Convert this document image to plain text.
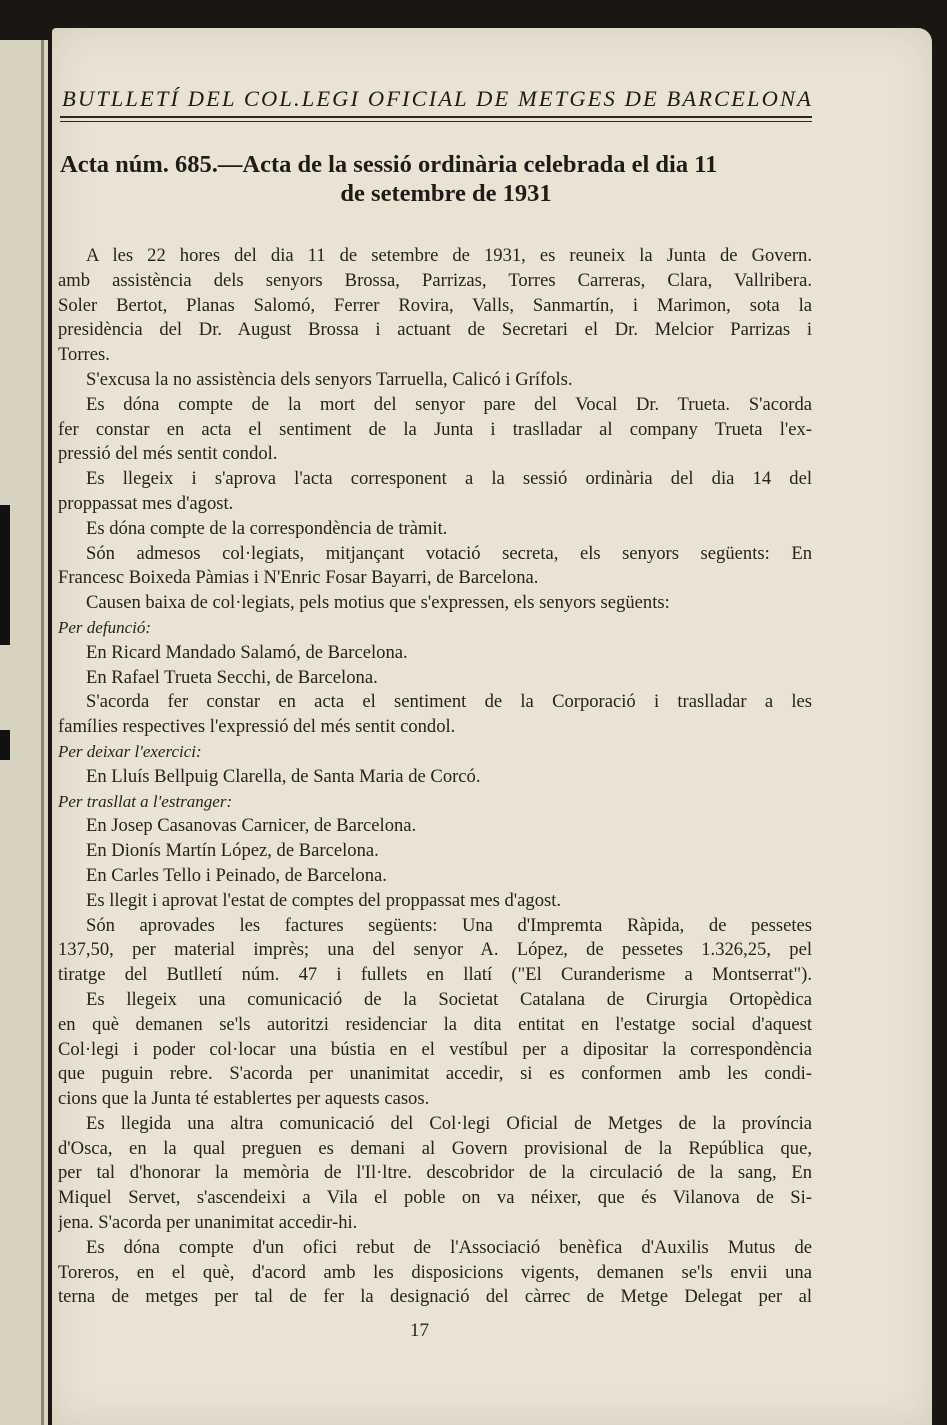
BUTLLETÍ DEL COL.LEGI OFICIAL DE METGES DE BARCELONA
Acta núm. 685.—Acta de la sessió ordinària celebrada el dia 11
de setembre de 1931
A les 22 hores del dia 11 de setembre de 1931, es reuneix la Junta de Govern.
amb assistència dels senyors Brossa, Parrizas, Torres Carreras, Clara, Vallribera.
Soler Bertot, Planas Salomó, Ferrer Rovira, Valls, Sanmartín, i Marimon, sota la
presidència del Dr. August Brossa i actuant de Secretari el Dr. Melcior Parrizas i
Torres.
S'excusa la no assistència dels senyors Tarruella, Calicó i Grífols.
Es dóna compte de la mort del senyor pare del Vocal Dr. Trueta. S'acorda
fer constar en acta el sentiment de la Junta i traslladar al company Trueta l'ex-
pressió del més sentit condol.
Es llegeix i s'aprova l'acta corresponent a la sessió ordinària del dia 14 del
proppassat mes d'agost.
Es dóna compte de la correspondència de tràmit.
Són admesos col·legiats, mitjançant votació secreta, els senyors següents: En
Francesc Boixeda Pàmias i N'Enric Fosar Bayarri, de Barcelona.
Causen baixa de col·legiats, pels motius que s'expressen, els senyors següents:
Per defunció:
En Ricard Mandado Salamó, de Barcelona.
En Rafael Trueta Secchi, de Barcelona.
S'acorda fer constar en acta el sentiment de la Corporació i traslladar a les
famílies respectives l'expressió del més sentit condol.
Per deixar l'exercici:
En Lluís Bellpuig Clarella, de Santa Maria de Corcó.
Per trasllat a l'estranger:
En Josep Casanovas Carnicer, de Barcelona.
En Dionís Martín López, de Barcelona.
En Carles Tello i Peinado, de Barcelona.
Es llegit i aprovat l'estat de comptes del proppassat mes d'agost.
Són aprovades les factures següents: Una d'Impremta Ràpida, de pessetes
137,50, per material imprès; una del senyor A. López, de pessetes 1.326,25, pel
tiratge del Butlletí núm. 47 i fullets en llatí ("El Curanderisme a Montserrat").
Es llegeix una comunicació de la Societat Catalana de Cirurgia Ortopèdica
en què demanen se'ls autoritzi residenciar la dita entitat en l'estatge social d'aquest
Col·legi i poder col·locar una bústia en el vestíbul per a dipositar la correspondència
que puguin rebre. S'acorda per unanimitat accedir, si es conformen amb les condi-
cions que la Junta té establertes per aquests casos.
Es llegida una altra comunicació del Col·legi Oficial de Metges de la província
d'Osca, en la qual preguen es demani al Govern provisional de la República que,
per tal d'honorar la memòria de l'Il·ltre. descobridor de la circulació de la sang, En
Miquel Servet, s'ascendeixi a Vila el poble on va néixer, que és Vilanova de Si-
jena. S'acorda per unanimitat accedir-hi.
Es dóna compte d'un ofici rebut de l'Associació benèfica d'Auxilis Mutus de
Toreros, en el què, d'acord amb les disposicions vigents, demanen se'ls envii una
terna de metges per tal de fer la designació del càrrec de Metge Delegat per al
17
